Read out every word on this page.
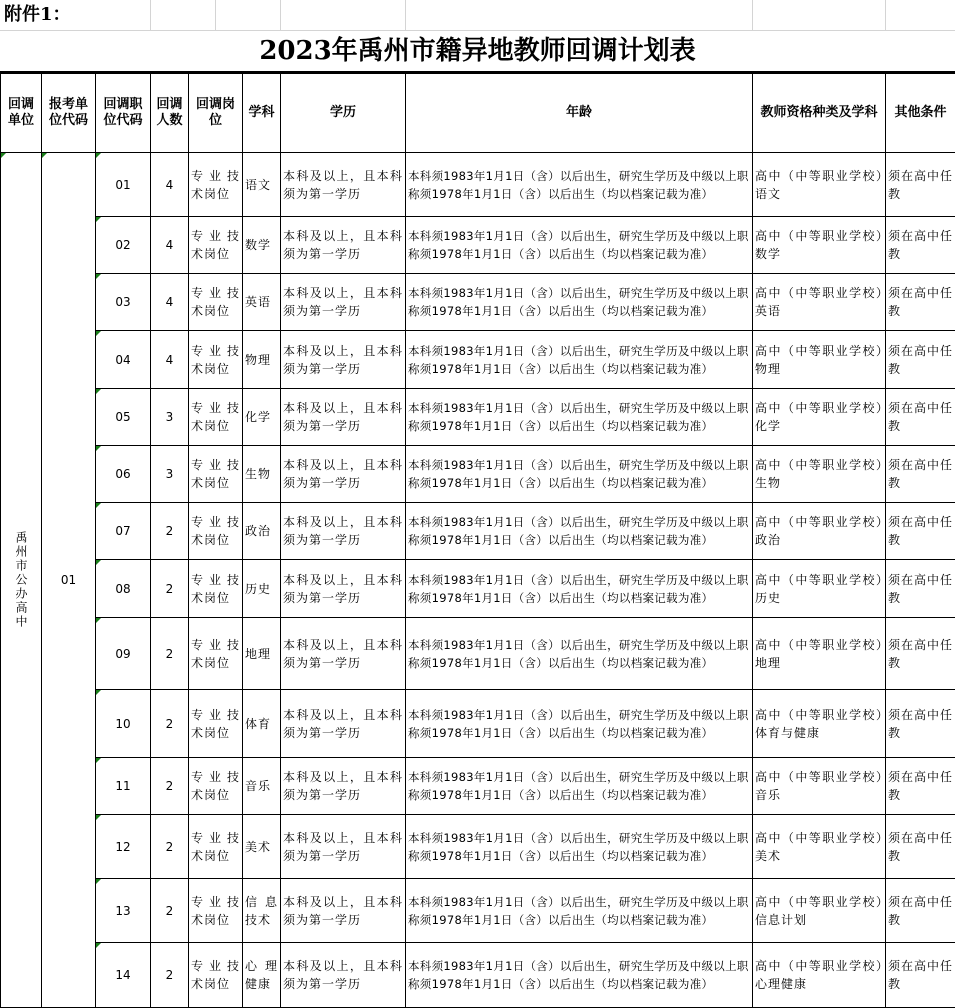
附件1：
2023年禹州市籍异地教师回调计划表
回调单位	报考单位代码	回调职位代码	回调人数	回调岗位	学科	学历	年龄	教师资格种类及学科	其他条件
禹州市公办高中	01	01	4	专业技术岗位	语文	本科及以上，且本科须为第一学历	本科须1983年1月1日（含）以后出生，研究生学历及中级以上职称须1978年1月1日（含）以后出生（均以档案记载为准）	高中（中等职业学校）语文	须在高中任教
		02	4	专业技术岗位	数学	本科及以上，且本科须为第一学历	本科须1983年1月1日（含）以后出生，研究生学历及中级以上职称须1978年1月1日（含）以后出生（均以档案记载为准）	高中（中等职业学校）数学	须在高中任教
		03	4	专业技术岗位	英语	本科及以上，且本科须为第一学历	本科须1983年1月1日（含）以后出生，研究生学历及中级以上职称须1978年1月1日（含）以后出生（均以档案记载为准）	高中（中等职业学校）英语	须在高中任教
		04	4	专业技术岗位	物理	本科及以上，且本科须为第一学历	本科须1983年1月1日（含）以后出生，研究生学历及中级以上职称须1978年1月1日（含）以后出生（均以档案记载为准）	高中（中等职业学校）物理	须在高中任教
		05	3	专业技术岗位	化学	本科及以上，且本科须为第一学历	本科须1983年1月1日（含）以后出生，研究生学历及中级以上职称须1978年1月1日（含）以后出生（均以档案记载为准）	高中（中等职业学校）化学	须在高中任教
		06	3	专业技术岗位	生物	本科及以上，且本科须为第一学历	本科须1983年1月1日（含）以后出生，研究生学历及中级以上职称须1978年1月1日（含）以后出生（均以档案记载为准）	高中（中等职业学校）生物	须在高中任教
		07	2	专业技术岗位	政治	本科及以上，且本科须为第一学历	本科须1983年1月1日（含）以后出生，研究生学历及中级以上职称须1978年1月1日（含）以后出生（均以档案记载为准）	高中（中等职业学校）政治	须在高中任教
		08	2	专业技术岗位	历史	本科及以上，且本科须为第一学历	本科须1983年1月1日（含）以后出生，研究生学历及中级以上职称须1978年1月1日（含）以后出生（均以档案记载为准）	高中（中等职业学校）历史	须在高中任教
		09	2	专业技术岗位	地理	本科及以上，且本科须为第一学历	本科须1983年1月1日（含）以后出生，研究生学历及中级以上职称须1978年1月1日（含）以后出生（均以档案记载为准）	高中（中等职业学校）地理	须在高中任教
		10	2	专业技术岗位	体育	本科及以上，且本科须为第一学历	本科须1983年1月1日（含）以后出生，研究生学历及中级以上职称须1978年1月1日（含）以后出生（均以档案记载为准）	高中（中等职业学校）体育与健康	须在高中任教
		11	2	专业技术岗位	音乐	本科及以上，且本科须为第一学历	本科须1983年1月1日（含）以后出生，研究生学历及中级以上职称须1978年1月1日（含）以后出生（均以档案记载为准）	高中（中等职业学校）音乐	须在高中任教
		12	2	专业技术岗位	美术	本科及以上，且本科须为第一学历	本科须1983年1月1日（含）以后出生，研究生学历及中级以上职称须1978年1月1日（含）以后出生（均以档案记载为准）	高中（中等职业学校）美术	须在高中任教
		13	2	专业技术岗位	信息技术	本科及以上，且本科须为第一学历	本科须1983年1月1日（含）以后出生，研究生学历及中级以上职称须1978年1月1日（含）以后出生（均以档案记载为准）	高中（中等职业学校）信息计划	须在高中任教
		14	2	专业技术岗位	心理健康	本科及以上，且本科须为第一学历	本科须1983年1月1日（含）以后出生，研究生学历及中级以上职称须1978年1月1日（含）以后出生（均以档案记载为准）	高中（中等职业学校）心理健康	须在高中任教
